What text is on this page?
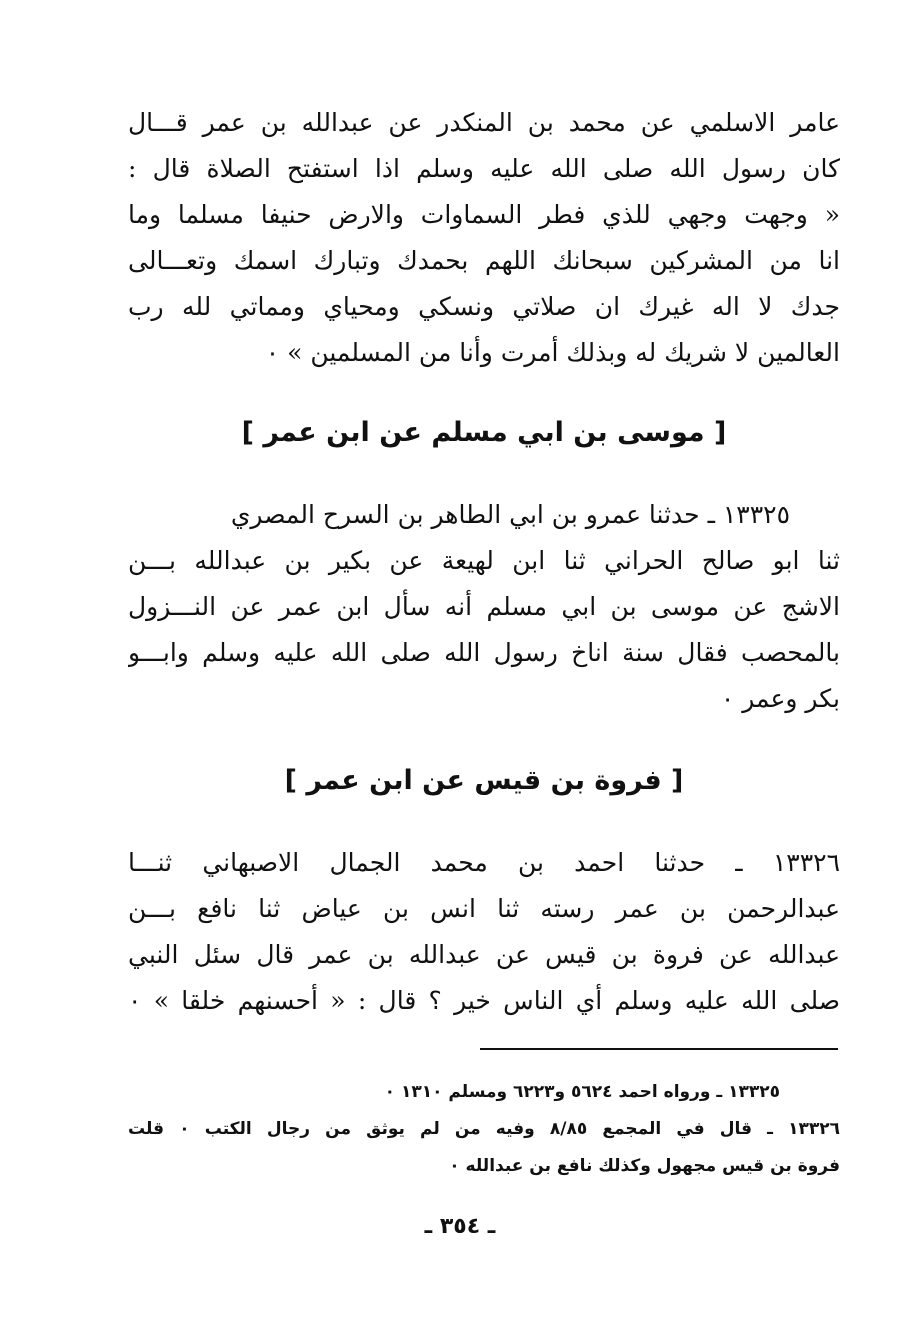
عامر الاسلمي عن محمد بن المنكدر عن عبدالله بن عمر قـــال
كان رسول الله صلى الله عليه وسلم اذا استفتح الصلاة قال :
« وجهت وجهي للذي فطر السماوات والارض حنيفا مسلما وما
انا من المشركين سبحانك اللهم بحمدك وتبارك اسمك وتعـــالى
جدك لا اله غيرك ان صلاتي ونسكي ومحياي ومماتي لله رب
العالمين لا شريك له وبذلك أمرت وأنا من المسلمين » ٠
[ موسى بن ابي مسلم عن ابن عمر ]
١٣٣٢٥ ـ حدثنا عمرو بن ابي الطاهر بن السرح المصري
ثنا ابو صالح الحراني ثنا ابن لهيعة عن بكير بن عبدالله بـــن
الاشج عن موسى بن ابي مسلم أنه سأل ابن عمر عن النـــزول
بالمحصب فقال سنة اناخ رسول الله صلى الله عليه وسلم وابـــو
بكر وعمر ٠
[ فروة بن قيس عن ابن عمر ]
١٣٣٢٦ ـ حدثنا احمد بن محمد الجمال الاصبهاني ثنـــا
عبدالرحمن بن عمر رسته ثنا انس بن عياض ثنا نافع بـــن
عبدالله عن فروة بن قيس عن عبدالله بن عمر قال سئل النبي
صلى الله عليه وسلم أي الناس خير ؟ قال : « أحسنهم خلقا » ٠
١٣٣٢٥ ـ ورواه احمد ٥٦٢٤ و٦٢٢٣ ومسلم ١٣١٠ ٠
١٣٣٢٦ ـ قال في المجمع ٨/٨٥ وفيه من لم يوثق من رجال الكتب ٠ قلت
فروة بن قيس مجهول وكذلك نافع بن عبدالله ٠
ـ ٣٥٤ ـ
